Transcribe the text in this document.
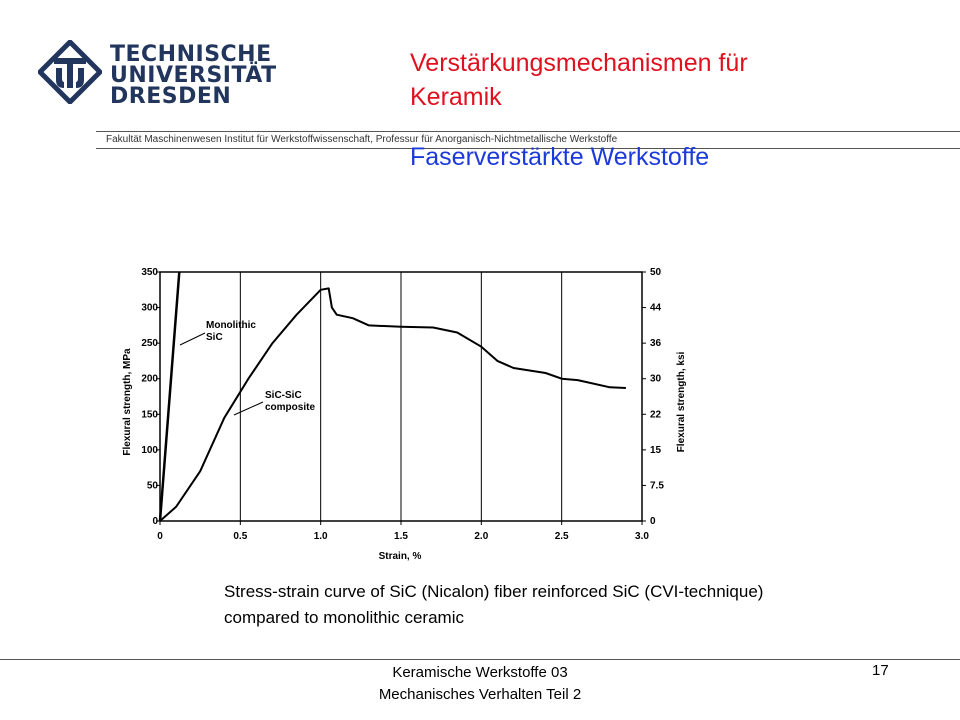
TECHNISCHE
UNIVERSITÄT
DRESDEN
Fakultät Maschinenwesen Institut für Werkstoffwissenschaft, Professur für Anorganisch-Nichtmetallische Werkstoffe
Verstärkungsmechanismen für
Keramik
Faserverstärkte Werkstoffe
0	0.5	1.0	1.5	2.0	2.5	3.0
0
50
100
150
200
250
300
350
0
7.5
15
22
30
36
44
50
Monolithic
SiC
SiC-SiC
composite
Strain, %
Flexural strength, MPa	Flexural strength, ksi
Stress-strain curve of SiC (Nicalon) fiber reinforced SiC (CVI-technique)
compared to monolithic ceramic
Keramische Werkstoffe 03
Mechanisches Verhalten Teil 2
17
